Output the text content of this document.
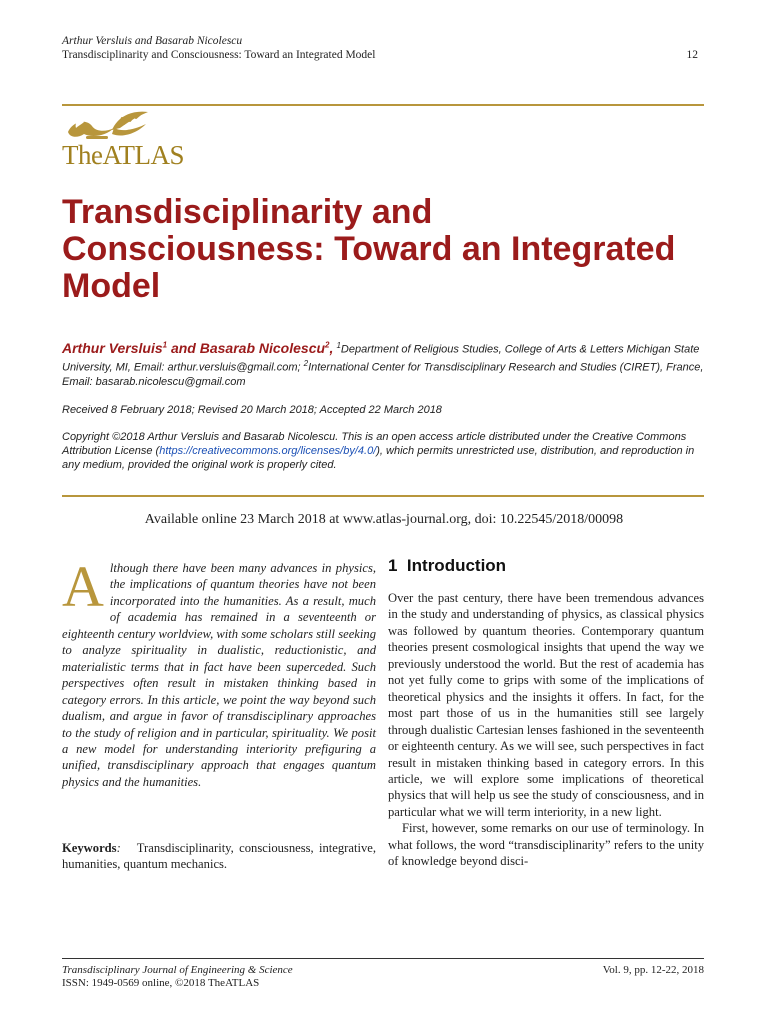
Arthur Versluis and Basarab Nicolescu
Transdisciplinarity and Consciousness: Toward an Integrated Model	12
TheATLAS
Transdisciplinarity and Consciousness: Toward an Integrated Model
Arthur Versluis$^1$ and Basarab Nicolescu$^2$, $^1$Department of Religious Studies, College of Arts & Letters Michigan State University, MI, Email: arthur.versluis@gmail.com; $^2$International Center for Transdisciplinary Research and Studies (CIRET), France, Email: basarab.nicolescu@gmail.com
Received 8 February 2018; Revised 20 March 2018; Accepted 22 March 2018
Copyright ©2018 Arthur Versluis and Basarab Nicolescu. This is an open access article distributed under the Creative Commons Attribution License (https://creativecommons.org/licenses/by/4.0/), which permits unrestricted use, distribution, and reproduction in any medium, provided the original work is properly cited.
Available online 23 March 2018 at www.atlas-journal.org, doi: 10.22545/2018/00098
Although there have been many advances in physics, the implications of quantum theories have not been incorporated into the humanities. As a result, much of academia has remained in a seventeenth or eighteenth century worldview, with some scholars still seeking to analyze spirituality in dualistic, reductionistic, and materialistic terms that in fact have been superceded. Such perspectives often result in mistaken thinking based in category errors. In this article, we point the way beyond such dualism, and argue in favor of transdisciplinary approaches to the study of religion and in particular, spirituality. We posit a new model for understanding interiority prefiguring a unified, transdisciplinary approach that engages quantum physics and the humanities.
Keywords: Transdisciplinarity, consciousness, integrative, humanities, quantum mechanics.
1 Introduction

Over the past century, there have been tremendous advances in the study and understanding of physics, as classical physics was followed by quantum theories. Contemporary quantum theories present cosmological insights that upend the way we previously understood the world. But the rest of academia has not yet fully come to grips with some of the implications of theoretical physics and the insights it offers. In fact, for the most part those of us in the humanities still see largely through dualistic Cartesian lenses fashioned in the seventeenth or eighteenth century. As we will see, such perspectives in fact result in mistaken thinking based in category errors. In this article, we will explore some implications of theoretical physics that will help us see the study of consciousness, and in particular what we will term interiority, in a new light.

First, however, some remarks on our use of terminology. In what follows, the word “transdisciplinarity” refers to the unity of knowledge beyond disci-

Transdisciplinary Journal of Engineering & Science	Vol. 9, pp. 12-22, 2018
ISSN: 1949-0569 online, ©2018 TheATLAS
